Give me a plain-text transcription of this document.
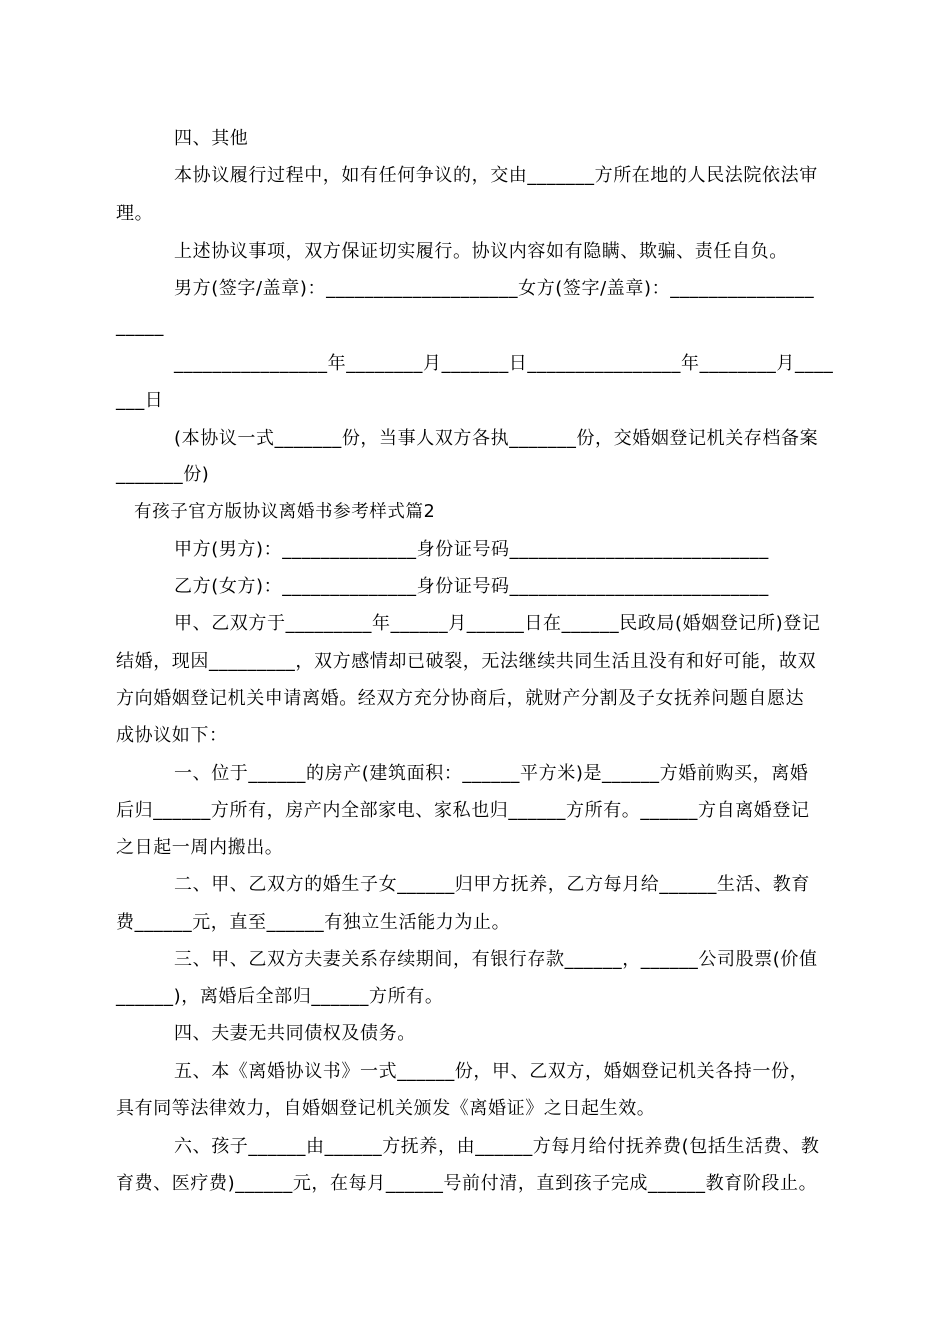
四、其他
本协议履行过程中，如有任何争议的，交由_______方所在地的人民法院依法审
理。
上述协议事项，双方保证切实履行。协议内容如有隐瞒、欺骗、责任自负。
男方(签字/盖章)：____________________女方(签字/盖章)：_______________
_____
________________年________月_______日________________年________月____
___日
(本协议一式_______份，当事人双方各执_______份，交婚姻登记机关存档备案
_______份)
有孩子官方版协议离婚书参考样式篇2
甲方(男方)：______________身份证号码___________________________
乙方(女方)：______________身份证号码___________________________
甲、乙双方于_________年______月______日在______民政局(婚姻登记所)登记
结婚，现因_________，双方感情却已破裂，无法继续共同生活且没有和好可能，故双
方向婚姻登记机关申请离婚。经双方充分协商后，就财产分割及子女抚养问题自愿达
成协议如下：
一、位于______的房产(建筑面积：______平方米)是______方婚前购买，离婚
后归______方所有，房产内全部家电、家私也归______方所有。______方自离婚登记
之日起一周内搬出。
二、甲、乙双方的婚生子女______归甲方抚养，乙方每月给______生活、教育
费______元，直至______有独立生活能力为止。
三、甲、乙双方夫妻关系存续期间，有银行存款______，______公司股票(价值
______)，离婚后全部归______方所有。
四、夫妻无共同债权及债务。
五、本《离婚协议书》一式______份，甲、乙双方，婚姻登记机关各持一份，
具有同等法律效力，自婚姻登记机关颁发《离婚证》之日起生效。
六、孩子______由______方抚养，由______方每月给付抚养费(包括生活费、教
育费、医疗费)______元，在每月______号前付清，直到孩子完成______教育阶段止。
